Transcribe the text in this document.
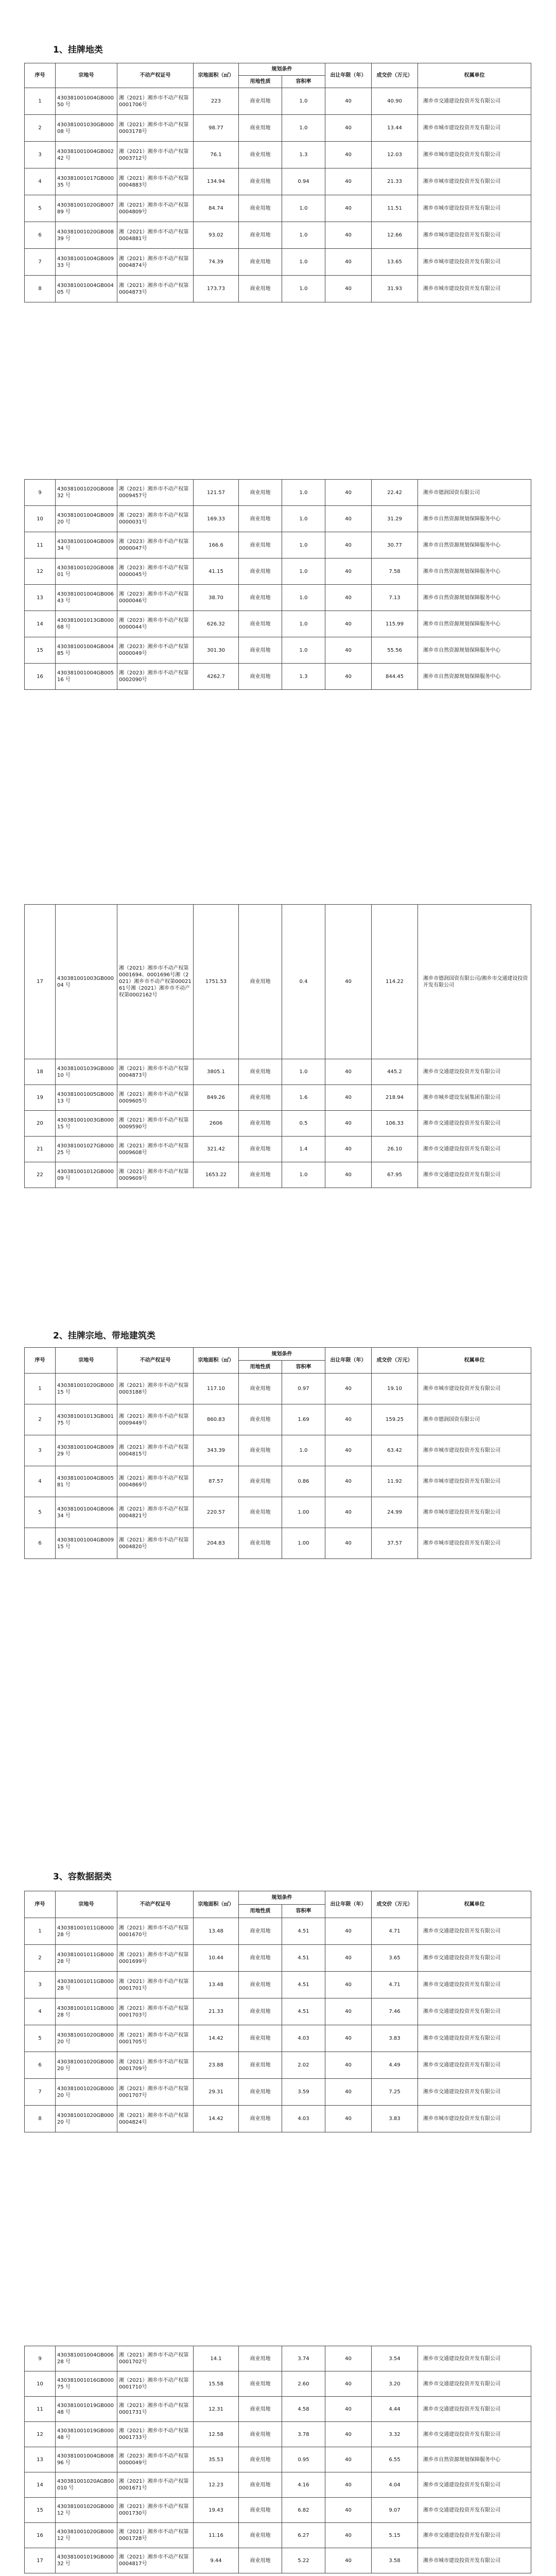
1、挂牌地类
2、挂牌宗地、带地建筑类
3、容数据据类
序号	宗地号	不动产权证号	宗地面积（㎡）	规划条件		出让年限（年）	成交价（万元）	权属单位
				用地性质	容积率			
1	430381001004GB00050 号	湘（2021）湘乡市不动产权第0001706号	223	商业用地	1.0	40	40.90	湘乡市交通建设投资开发有限公司
2	430381001030GB00008 号	湘（2021）湘乡市不动产权第 0003178号	98.77	商业用地	1.0	40	13.44	湘乡市城市建设投资开发有限公司
3	430381001004GB00242 号	湘（2021）湘乡市不动产权第 0003712号	76.1	商业用地	1.3	40	12.03	湘乡市城市建设投资开发有限公司
4	430381001017GB00035 号	湘（2021）湘乡市不动产权第0004883号	134.94	商业用地	0.94	40	21.33	湘乡市城市建设投资开发有限公司
5	430381001020GB00789 号	湘（2021）湘乡市不动产权第0004809号	84.74	商业用地	1.0	40	11.51	湘乡市城市建设投资开发有限公司
6	430381001020GB00839 号	湘（2021）湘乡市不动产权第0004881号	93.02	商业用地	1.0	40	12.66	湘乡市城市建设投资开发有限公司
7	430381001004GB00933 号	湘（2021）湘乡市不动产权第0004874号	74.39	商业用地	1.0	40	13.65	湘乡市城市建设投资开发有限公司
8	430381001004GB00405 号	湘（2021）湘乡市不动产权第0004873号	173.73	商业用地	1.0	40	31.93	湘乡市城市建设投资开发有限公司
9	430381001020GB00832 号	湘（2021）湘乡市不动产权第0009457号	121.57	商业用地	1.0	40	22.42	湘乡市德润国资有限公司
10	430381001004GB00920 号	湘（2023）湘乡市不动产权第0000031号	169.33	商业用地	1.0	40	31.29	湘乡市自然资源规划保障服务中心
11	430381001004GB00934 号	湘（2023）湘乡市不动产权第0000047号	166.6	商业用地	1.0	40	30.77	湘乡市自然资源规划保障服务中心
12	430381001020GB00801 号	湘（2023）湘乡市不动产权第0000045号	41.15	商业用地	1.0	40	7.58	湘乡市自然资源规划保障服务中心
13	430381001004GB00643 号	湘（2023）湘乡市不动产权第0000046号	38.70	商业用地	1.0	40	7.13	湘乡市自然资源规划保障服务中心
14	430381001013GB00068 号	湘（2023）湘乡市不动产权第0000044号	626.32	商业用地	1.0	40	115.99	湘乡市自然资源规划保障服务中心
15	430381001004GB00485 号	湘（2023）湘乡市不动产权第0000049号	301.30	商业用地	1.0	40	55.56	湘乡市自然资源规划保障服务中心
16	430381001004GB00516 号	湘（2023）湘乡市不动产权第0002090号	4262.7	商业用地	1.3	40	844.45	湘乡市自然资源规划保障服务中心
17	430381001003GB00004 号	湘（2021）湘乡市不动产权第0001694、0001696号湘（2021）湘乡市不动产权第0002161号湘（2021）湘乡市不动产权第0002162号	1751.53	商业用地	0.4	40	114.22	湘乡市德润国资有限公司/湘乡市交通建设投资开发有限公司
18	430381001039GB00010 号	湘（2021）湘乡市不动产权第0004873号	3805.1	商业用地	1.0	40	445.2	湘乡市交通建设投资开发有限公司
19	430381001005GB00013 号	湘（2021）湘乡市不动产权第0009605号	849.26	商业用地	1.6	40	218.94	湘乡市城乡建设发展集团有限公司
20	430381001003GB00015 号	湘（2021）湘乡市不动产权第0009590号	2606	商业用地	0.5	40	106.33	湘乡市交通建设投资开发有限公司
21	430381001027GB00025 号	湘（2021）湘乡市不动产权第0009608号	321.42	商业用地	1.4	40	26.10	湘乡市交通建设投资开发有限公司
22	430381001012GB00009 号	湘（2021）湘乡市不动产权第0009609号	1653.22	商业用地	1.0	40	67.95	湘乡市交通建设投资开发有限公司
序号	宗地号	不动产权证号	宗地面积（㎡）	规划条件		出让年限（年）	成交价（万元）	权属单位
				用地性质	容积率			
1	430381001020GB00015 号	湘（2021）湘乡市不动产权第0003188号	117.10	商业用地	0.97	40	19.10	湘乡市城市建设投资开发有限公司
2	430381001013GB00175 号	湘（2021）湘乡市不动产权第0009449号	860.83	商业用地	1.69	40	159.25	湘乡市德润国资有限公司
3	430381001004GB00929 号	湘（2021）湘乡市不动产权第0004815号	343.39	商业用地	1.0	40	63.42	湘乡市城市建设投资开发有限公司
4	430381001004GB00581 号	湘（2021）湘乡市不动产权第0004869号	87.57	商业用地	0.86	40	11.92	湘乡市城市建设投资开发有限公司
5	430381001004GB00634 号	湘（2021）湘乡市不动产权第0004821号	220.57	商业用地	1.00	40	24.99	湘乡市城市建设投资开发有限公司
6	430381001004GB00915 号	湘（2021）湘乡市不动产权第0004820号	204.83	商业用地	1.00	40	37.57	湘乡市城市建设投资开发有限公司
序号	宗地号	不动产权证号	宗地面积（㎡）	规划条件		出让年限（年）	成交价（万元）	权属单位
				用地性质	容积率			
1	430381001011GB00028 号	湘（2021）湘乡市不动产权第0001670号	13.48	商业用地	4.51	40	4.71	湘乡市交通建设投资开发有限公司
2	430381001011GB00028 号	湘（2021）湘乡市不动产权第0001699号	10.44	商业用地	4.51	40	3.65	湘乡市交通建设投资开发有限公司
3	430381001011GB00028 号	湘（2021）湘乡市不动产权第0001701号	13.48	商业用地	4.51	40	4.71	湘乡市交通建设投资开发有限公司
4	430381001011GB00028 号	湘（2021）湘乡市不动产权第0001703号	21.33	商业用地	4.51	40	7.46	湘乡市交通建设投资开发有限公司
5	430381001020GB00020 号	湘（2021）湘乡市不动产权第0001705号	14.42	商业用地	4.03	40	3.83	湘乡市交通建设投资开发有限公司
6	430381001020GB00020 号	湘（2021）湘乡市不动产权第0001709号	23.88	商业用地	2.02	40	4.49	湘乡市交通建设投资开发有限公司
7	430381001020GB00020 号	湘（2021）湘乡市不动产权第0001707号	29.31	商业用地	3.59	40	7.25	湘乡市交通建设投资开发有限公司
8	430381001020GB00020 号	湘（2021）湘乡市不动产权第0004824号	14.42	商业用地	4.03	40	3.83	湘乡市城市建设投资开发有限公司
9	430381001004GB00628 号	湘（2021）湘乡市不动产权第0001702号	14.1	商业用地	3.74	40	3.54	湘乡市交通建设投资开发有限公司
10	430381001016GB00075 号	湘（2021）湘乡市不动产权第0001710号	15.58	商业用地	2.60	40	3.20	湘乡市交通建设投资开发有限公司
11	430381001019GB00048 号	湘（2021）湘乡市不动产权第0001731号	12.31	商业用地	4.58	40	4.44	湘乡市交通建设投资开发有限公司
12	430381001019GB00048 号	湘（2021）湘乡市不动产权第0001733号	12.58	商业用地	3.78	40	3.32	湘乡市交通建设投资开发有限公司
13	430381001004GB00896 号	湘（2023）湘乡市不动产权第0000049号	35.53	商业用地	0.95	40	6.55	湘乡市自然资源规划保障服务中心
14	430381001020AGB00010 号	湘（2021）湘乡市不动产权第0001671号	12.23	商业用地	4.16	40	4.04	湘乡市交通建设投资开发有限公司
15	430381001020GB00012 号	湘（2021）湘乡市不动产权第0001730号	19.43	商业用地	6.82	40	9.07	湘乡市交通建设投资开发有限公司
16	430381001020GB00012 号	湘（2021）湘乡市不动产权第0001728号	11.16	商业用地	6.27	40	5.15	湘乡市交通建设投资开发有限公司
17	430381001019GB00032 号	湘（2021）湘乡市不动产权第0004817号	9.44	商业用地	5.22	40	3.58	湘乡市城市建设投资开发有限公司
